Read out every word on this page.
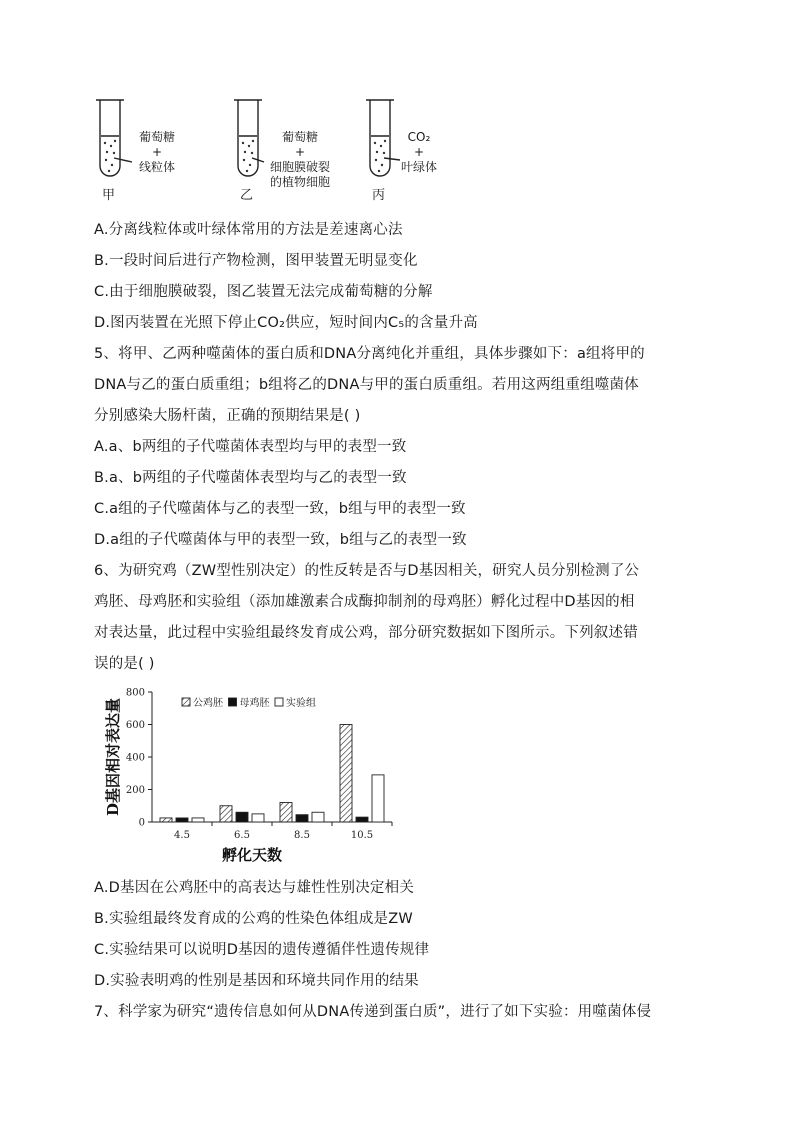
葡萄糖
+
线粒体
甲
葡萄糖
+
细胞膜破裂
的植物细胞
乙
CO₂
+
叶绿体
丙
A.分离线粒体或叶绿体常用的方法是差速离心法
B.一段时间后进行产物检测，图甲装置无明显变化
C.由于细胞膜破裂，图乙装置无法完成葡萄糖的分解
D.图丙装置在光照下停止CO₂供应，短时间内C₅的含量升高
5、将甲、乙两种噬菌体的蛋白质和DNA分离纯化并重组，具体步骤如下：a组将甲的
DNA与乙的蛋白质重组；b组将乙的DNA与甲的蛋白质重组。若用这两组重组噬菌体
分别感染大肠杆菌，正确的预期结果是( )
A.a、b两组的子代噬菌体表型均与甲的表型一致
B.a、b两组的子代噬菌体表型均与乙的表型一致
C.a组的子代噬菌体与乙的表型一致，b组与甲的表型一致
D.a组的子代噬菌体与甲的表型一致，b组与乙的表型一致
6、为研究鸡（ZW型性别决定）的性反转是否与D基因相关，研究人员分别检测了公
鸡胚、母鸡胚和实验组（添加雄激素合成酶抑制剂的母鸡胚）孵化过程中D基因的相
对表达量，此过程中实验组最终发育成公鸡，部分研究数据如下图所示。下列叙述错
误的是( )
0
200
400
600
800
D基因相对表达量
4.5	6.5	8.5	10.5
孵化天数
公鸡胚 母鸡胚 实验组
A.D基因在公鸡胚中的高表达与雄性性别决定相关
B.实验组最终发育成的公鸡的性染色体组成是ZW
C.实验结果可以说明D基因的遗传遵循伴性遗传规律
D.实验表明鸡的性别是基因和环境共同作用的结果
7、科学家为研究“遗传信息如何从DNA传递到蛋白质”，进行了如下实验：用噬菌体侵
